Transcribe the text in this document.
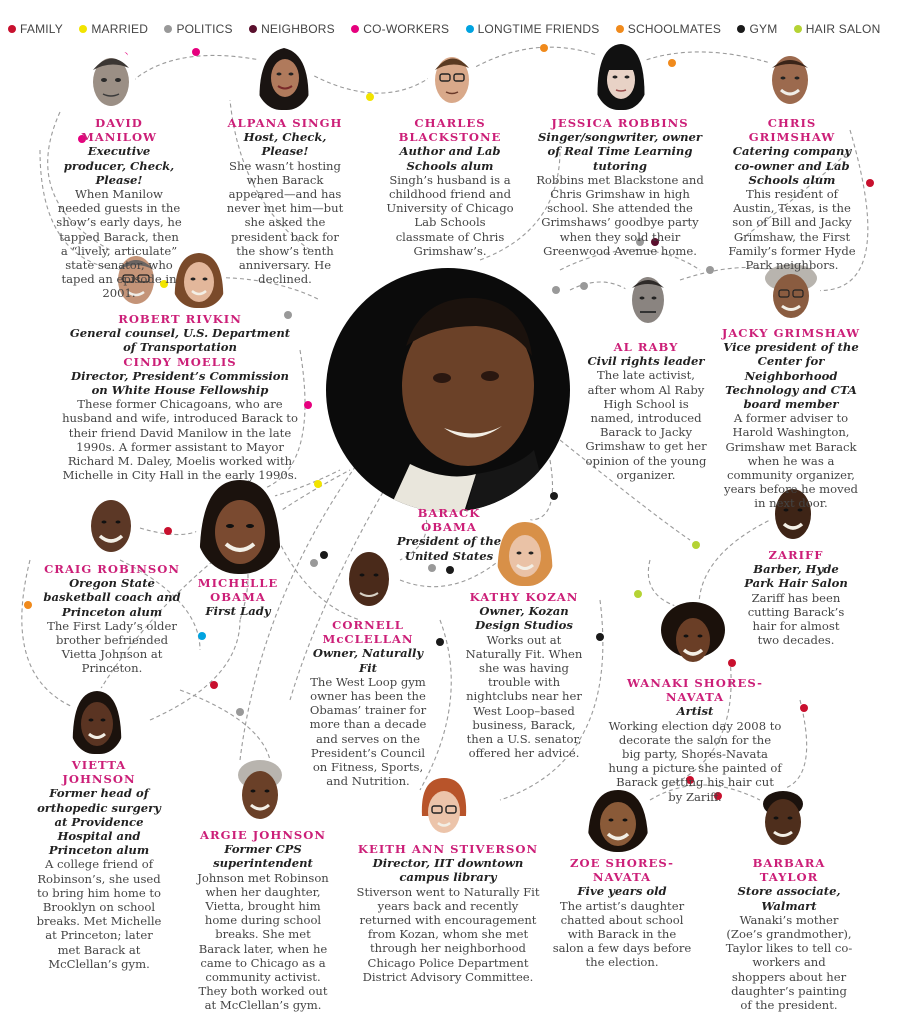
FAMILY MARRIED POLITICS NEIGHBORS CO-WORKERS LONGTIME FRIENDS SCHOOLMATES GYM HAIR SALON
DAVID MANILOW
Executive producer, Check, Please!
When Manilow needed guests in the show’s early days, he tapped Barack, then a “lively, articulate” state senator, who taped an episode in 2001.
ALPANA SINGH
Host, Check, Please!
She wasn’t hosting when Barack appeared—and has never met him—but she asked the president back for the show’s tenth anniversary. He declined.
CHARLES BLACKSTONE
Author and Lab Schools alum
Singh’s husband is a childhood friend and University of Chicago Lab Schools classmate of Chris Grimshaw’s.
JESSICA ROBBINS
Singer/songwriter, owner of Real Time Learning tutoring
Robbins met Blackstone and Chris Grimshaw in high school. She attended the Grimshaws’ goodbye party when they sold their Greenwood Avenue home.
CHRIS GRIMSHAW
Catering company co-owner and Lab Schools alum
This resident of Austin, Texas, is the son of Bill and Jacky Grimshaw, the First Family’s former Hyde Park neighbors.
ROBERT RIVKIN
General counsel, U.S. Department of Transportation
CINDY MOELIS
Director, President’s Commission on White House Fellowship
These former Chicagoans, who are husband and wife, introduced Barack to their friend David Manilow in the late 1990s. A former assistant to Mayor Richard M. Daley, Moelis worked with Michelle in City Hall in the early 1990s.
AL RABY
Civil rights leader
The late activist, after whom Al Raby High School is named, introduced Barack to Jacky Grimshaw to get her opinion of the young organizer.
JACKY GRIMSHAW
Vice president of the Center for Neighborhood Technology and CTA board member
A former adviser to Harold Washington, Grimshaw met Barack when he was a community organizer, years before he moved in next door.
BARACK OBAMA
President of the United States
CRAIG ROBINSON
Oregon State basketball coach and Princeton alum
The First Lady’s older brother befriended Vietta Johnson at Princeton.
MICHELLE OBAMA
First Lady
ZARIFF
Barber, Hyde Park Hair Salon
Zariff has been cutting Barack’s hair for almost two decades.
KATHY KOZAN
Owner, Kozan Design Studios
Works out at Naturally Fit. When she was having trouble with nightclubs near her West Loop–based business, Barack, then a U.S. senator, offered her advice.
CORNELL McCLELLAN
Owner, Naturally Fit
The West Loop gym owner has been the Obamas’ trainer for more than a decade and serves on the President’s Council on Fitness, Sports, and Nutrition.
WANAKI SHORES-NAVATA
Artist
Working election day 2008 to decorate the salon for the big party, Shores-Navata hung a picture she painted of Barack getting his hair cut by Zariff.
VIETTA JOHNSON
Former head of orthopedic surgery at Providence Hospital and Princeton alum
A college friend of Robinson’s, she used to bring him home to Brooklyn on school breaks. Met Michelle at Princeton; later met Barack at McClellan’s gym.
ARGIE JOHNSON
Former CPS superintendent
Johnson met Robinson when her daughter, Vietta, brought him home during school breaks. She met Barack later, when he came to Chicago as a community activist. They both worked out at McClellan’s gym.
KEITH ANN STIVERSON
Director, IIT downtown campus library
Stiverson went to Naturally Fit years back and recently returned with encouragement from Kozan, whom she met through her neighborhood Chicago Police Department District Advisory Committee.
ZOE SHORES-NAVATA
Five years old
The artist’s daughter chatted about school with Barack in the salon a few days before the election.
BARBARA TAYLOR
Store associate, Walmart
Wanaki’s mother (Zoe’s grandmother), Taylor likes to tell co-workers and shoppers about her daughter’s painting of the president.
